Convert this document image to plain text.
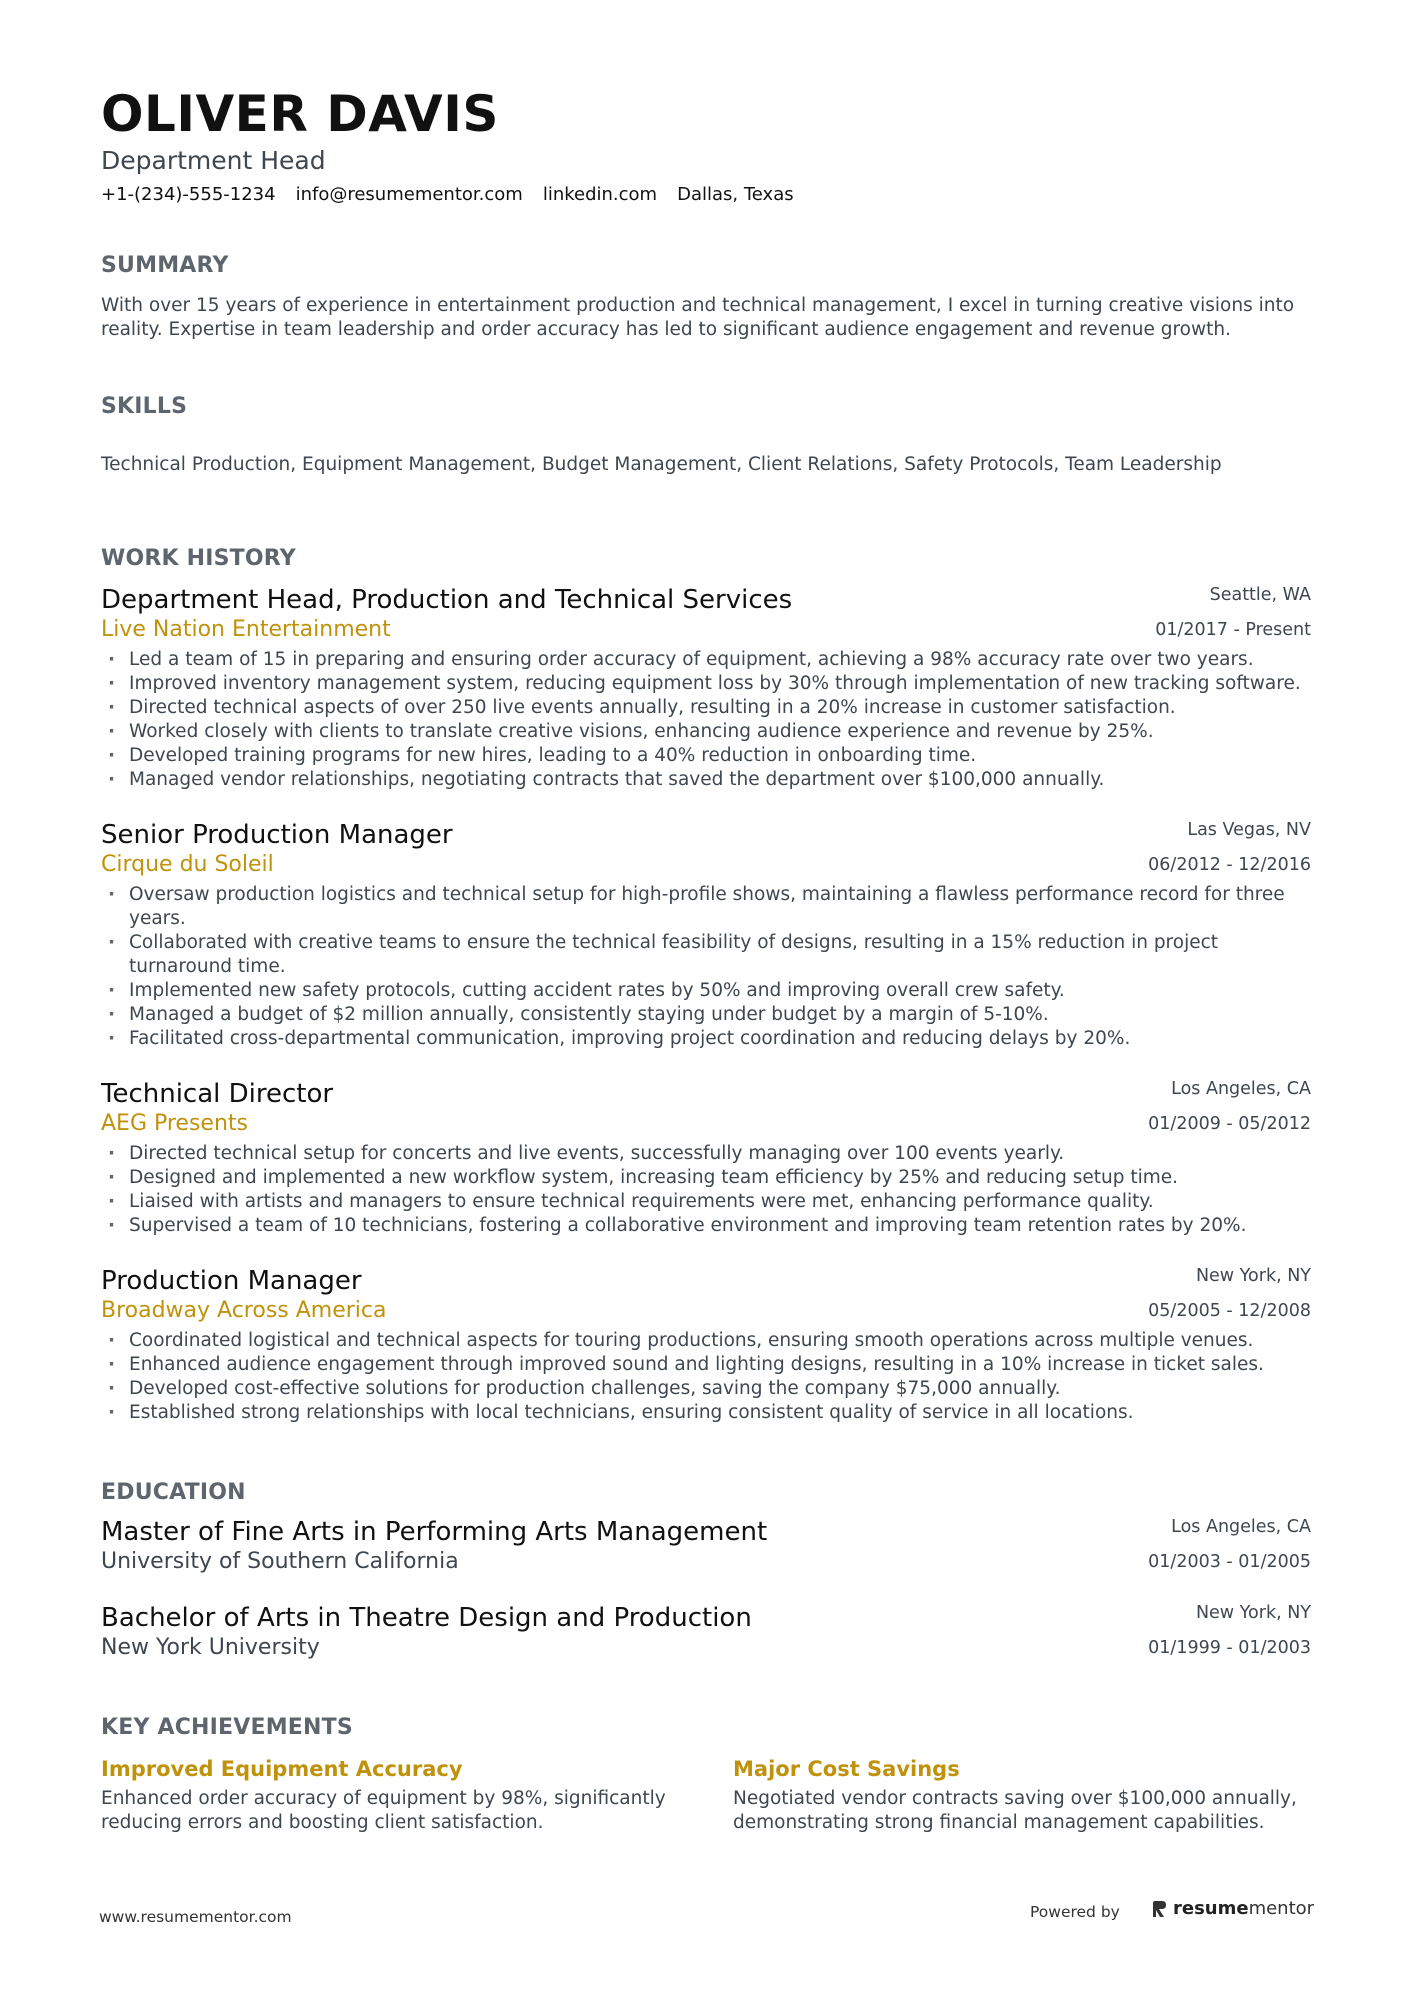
OLIVER DAVIS
Department Head
+1-(234)-555-1234 info@resumementor.com linkedin.com Dallas, Texas
SUMMARY
With over 15 years of experience in entertainment production and technical management, I excel in turning creative visions into reality. Expertise in team leadership and order accuracy has led to significant audience engagement and revenue growth.
SKILLS
Technical Production, Equipment Management, Budget Management, Client Relations, Safety Protocols, Team Leadership
WORK HISTORY
Department Head, Production and Technical Services	Seattle, WA
Live Nation Entertainment	01/2017 - Present
· Led a team of 15 in preparing and ensuring order accuracy of equipment, achieving a 98% accuracy rate over two years.
· Improved inventory management system, reducing equipment loss by 30% through implementation of new tracking software.
· Directed technical aspects of over 250 live events annually, resulting in a 20% increase in customer satisfaction.
· Worked closely with clients to translate creative visions, enhancing audience experience and revenue by 25%.
· Developed training programs for new hires, leading to a 40% reduction in onboarding time.
· Managed vendor relationships, negotiating contracts that saved the department over $100,000 annually.
Senior Production Manager	Las Vegas, NV
Cirque du Soleil	06/2012 - 12/2016
· Oversaw production logistics and technical setup for high-profile shows, maintaining a flawless performance record for three years.
· Collaborated with creative teams to ensure the technical feasibility of designs, resulting in a 15% reduction in project turnaround time.
· Implemented new safety protocols, cutting accident rates by 50% and improving overall crew safety.
· Managed a budget of $2 million annually, consistently staying under budget by a margin of 5-10%.
· Facilitated cross-departmental communication, improving project coordination and reducing delays by 20%.
Technical Director	Los Angeles, CA
AEG Presents	01/2009 - 05/2012
· Directed technical setup for concerts and live events, successfully managing over 100 events yearly.
· Designed and implemented a new workflow system, increasing team efficiency by 25% and reducing setup time.
· Liaised with artists and managers to ensure technical requirements were met, enhancing performance quality.
· Supervised a team of 10 technicians, fostering a collaborative environment and improving team retention rates by 20%.
Production Manager	New York, NY
Broadway Across America	05/2005 - 12/2008
· Coordinated logistical and technical aspects for touring productions, ensuring smooth operations across multiple venues.
· Enhanced audience engagement through improved sound and lighting designs, resulting in a 10% increase in ticket sales.
· Developed cost-effective solutions for production challenges, saving the company $75,000 annually.
· Established strong relationships with local technicians, ensuring consistent quality of service in all locations.
EDUCATION
Master of Fine Arts in Performing Arts Management	Los Angeles, CA
University of Southern California	01/2003 - 01/2005
Bachelor of Arts in Theatre Design and Production	New York, NY
New York University	01/1999 - 01/2003
KEY ACHIEVEMENTS
Improved Equipment Accuracy
Enhanced order accuracy of equipment by 98%, significantly reducing errors and boosting client satisfaction.
Major Cost Savings
Negotiated vendor contracts saving over $100,000 annually, demonstrating strong financial management capabilities.
www.resumementor.com	Powered by	resumementor
